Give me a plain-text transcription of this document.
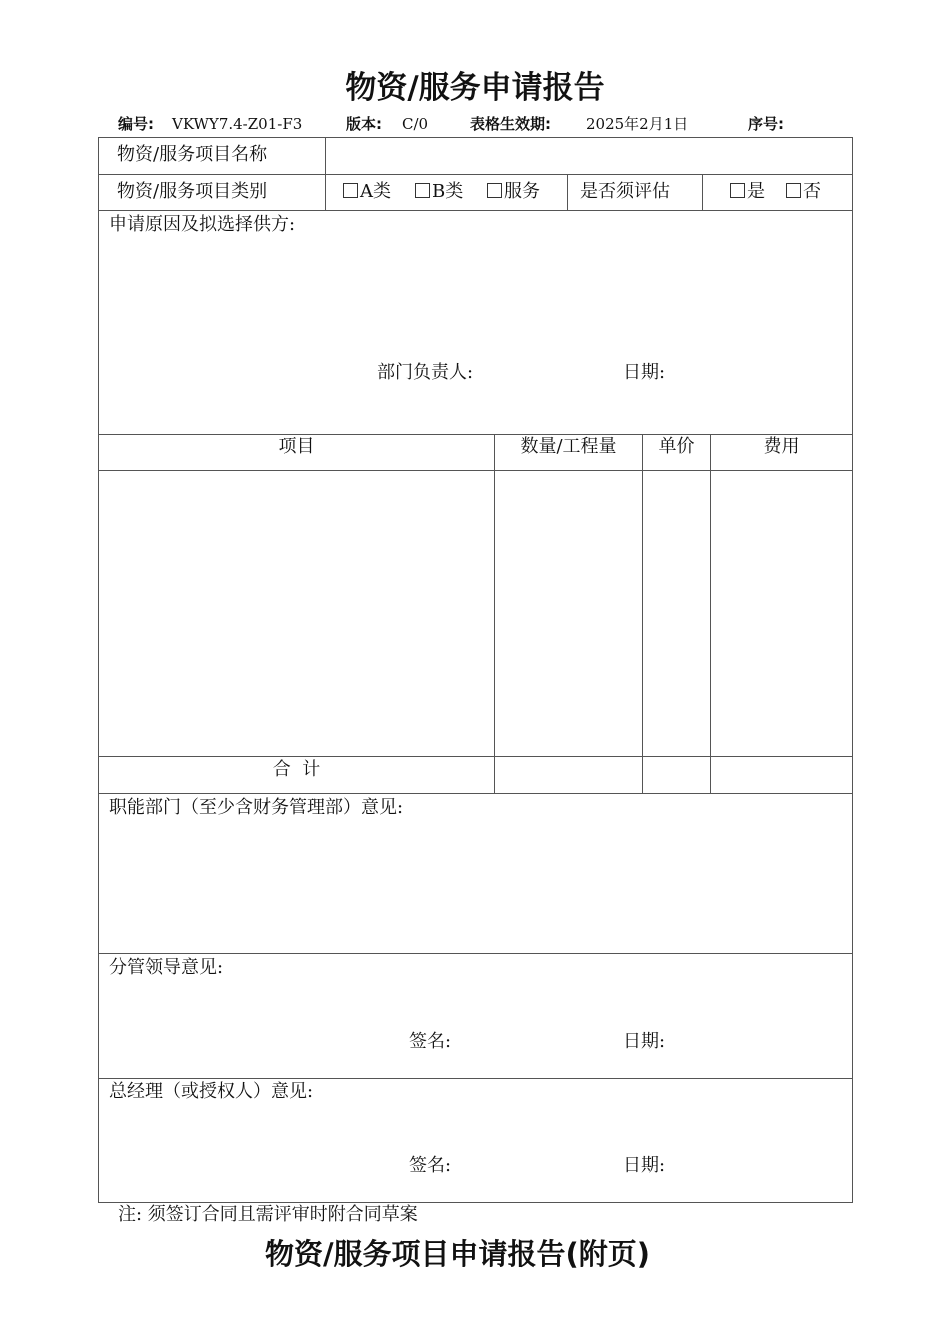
物资/服务申请报告
编号: VKWY7.4-Z01-F3	版本: C/0	表格生效期: 2025年2月1日	序号:
物资/服务项目名称
物资/服务项目类别	A类	B类	服务 是否须评估	是	否
申请原因及拟选择供方:
部门负责人:	日期:
项目	数量/工程量	单价	费用
合  计
职能部门（至少含财务管理部）意见:
分管领导意见:
签名:	日期:
总经理（或授权人）意见:
签名:	日期:
注: 须签订合同且需评审时附合同草案
物资/服务项目申请报告(附页)
